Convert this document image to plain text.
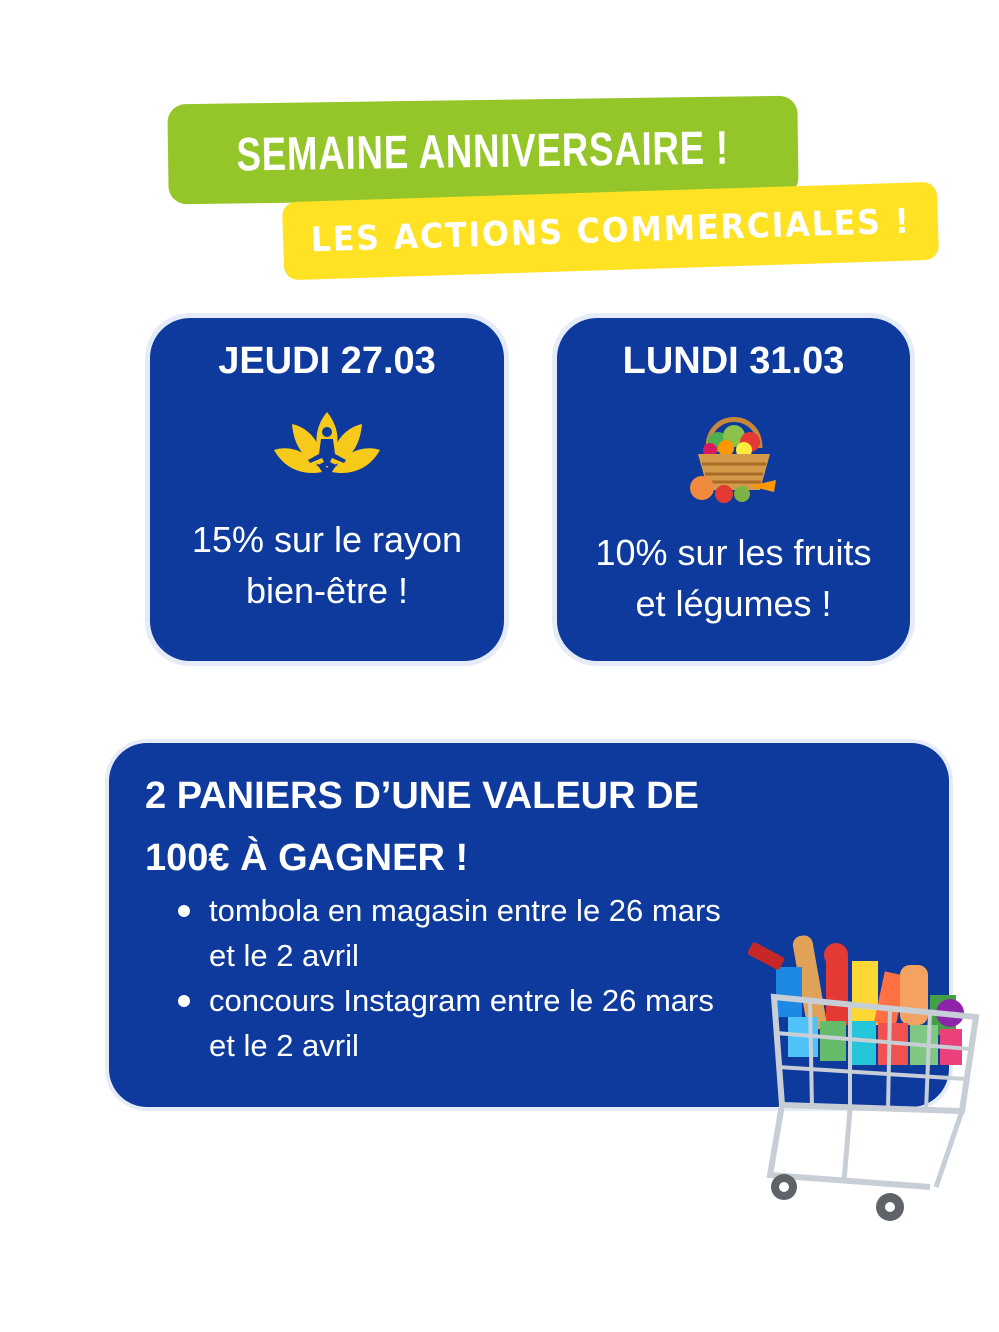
SEMAINE ANNIVERSAIRE !
LES ACTIONS COMMERCIALES !
JEUDI 27.03
15% sur le rayon
bien-être !
LUNDI 31.03
10% sur les fruits
et légumes !
2 PANIERS D’UNE VALEUR DE
100€ À GAGNER !
tombola en magasin entre le 26 mars
et le 2 avril
concours Instagram entre le 26 mars
et le 2 avril
